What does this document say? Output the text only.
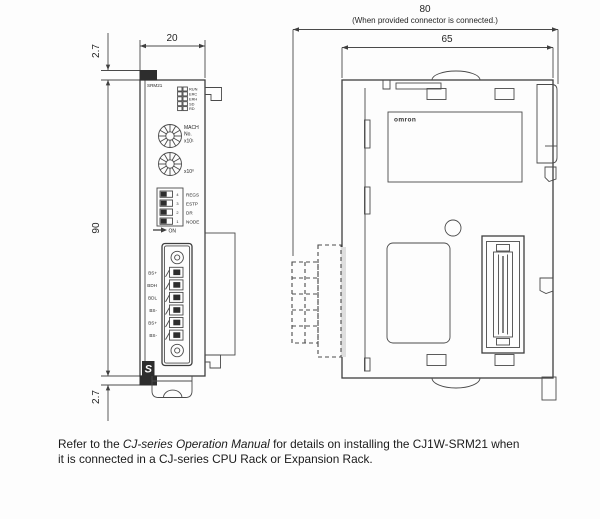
20
2.7
90
2.7
SRM21
RUN
ERC
ERH
SD
RD
MACH
No.
x10¹
x10⁰
4
3
2
1
REGS
ESTP
DR
NODE
ON
BS+
BDH
BDL
BS-
BS+
BS-
S
80
(When provided connector is connected.)
65
omron

Refer to the CJ-series Operation Manual for details on installing the CJ1W-SRM21 when
it is connected in a CJ-series CPU Rack or Expansion Rack.
